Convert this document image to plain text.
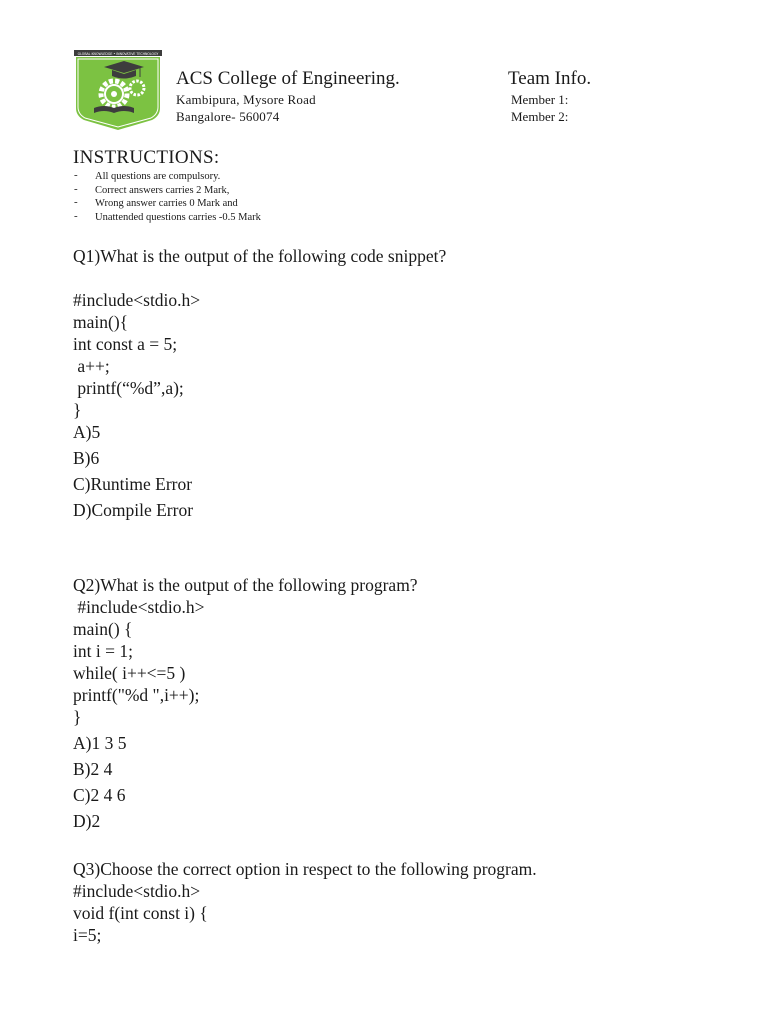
GLOBAL KNOWLEDGE • INNOVATIVE TECHNOLOGY
ACS College of Engineering.
Kambipura, Mysore Road
Bangalore- 560074
Team Info.
Member 1:
Member 2:
INSTRUCTIONS:
- All questions are compulsory.
- Correct answers carries 2 Mark,
- Wrong answer carries 0 Mark and
- Unattended questions carries -0.5 Mark
Q1)What is the output of the following code snippet?
#include<stdio.h>
main(){
int const a = 5;
a++;
printf(“%d”,a);
}
A)5
B)6
C)Runtime Error
D)Compile Error
Q2)What is the output of the following program?
#include<stdio.h>
main() {
int i = 1;
while( i++<=5 )
printf("%d ",i++);
}
A)1 3 5
B)2 4
C)2 4 6
D)2
Q3)Choose the correct option in respect to the following program.
#include<stdio.h>
void f(int const i) {
i=5;
